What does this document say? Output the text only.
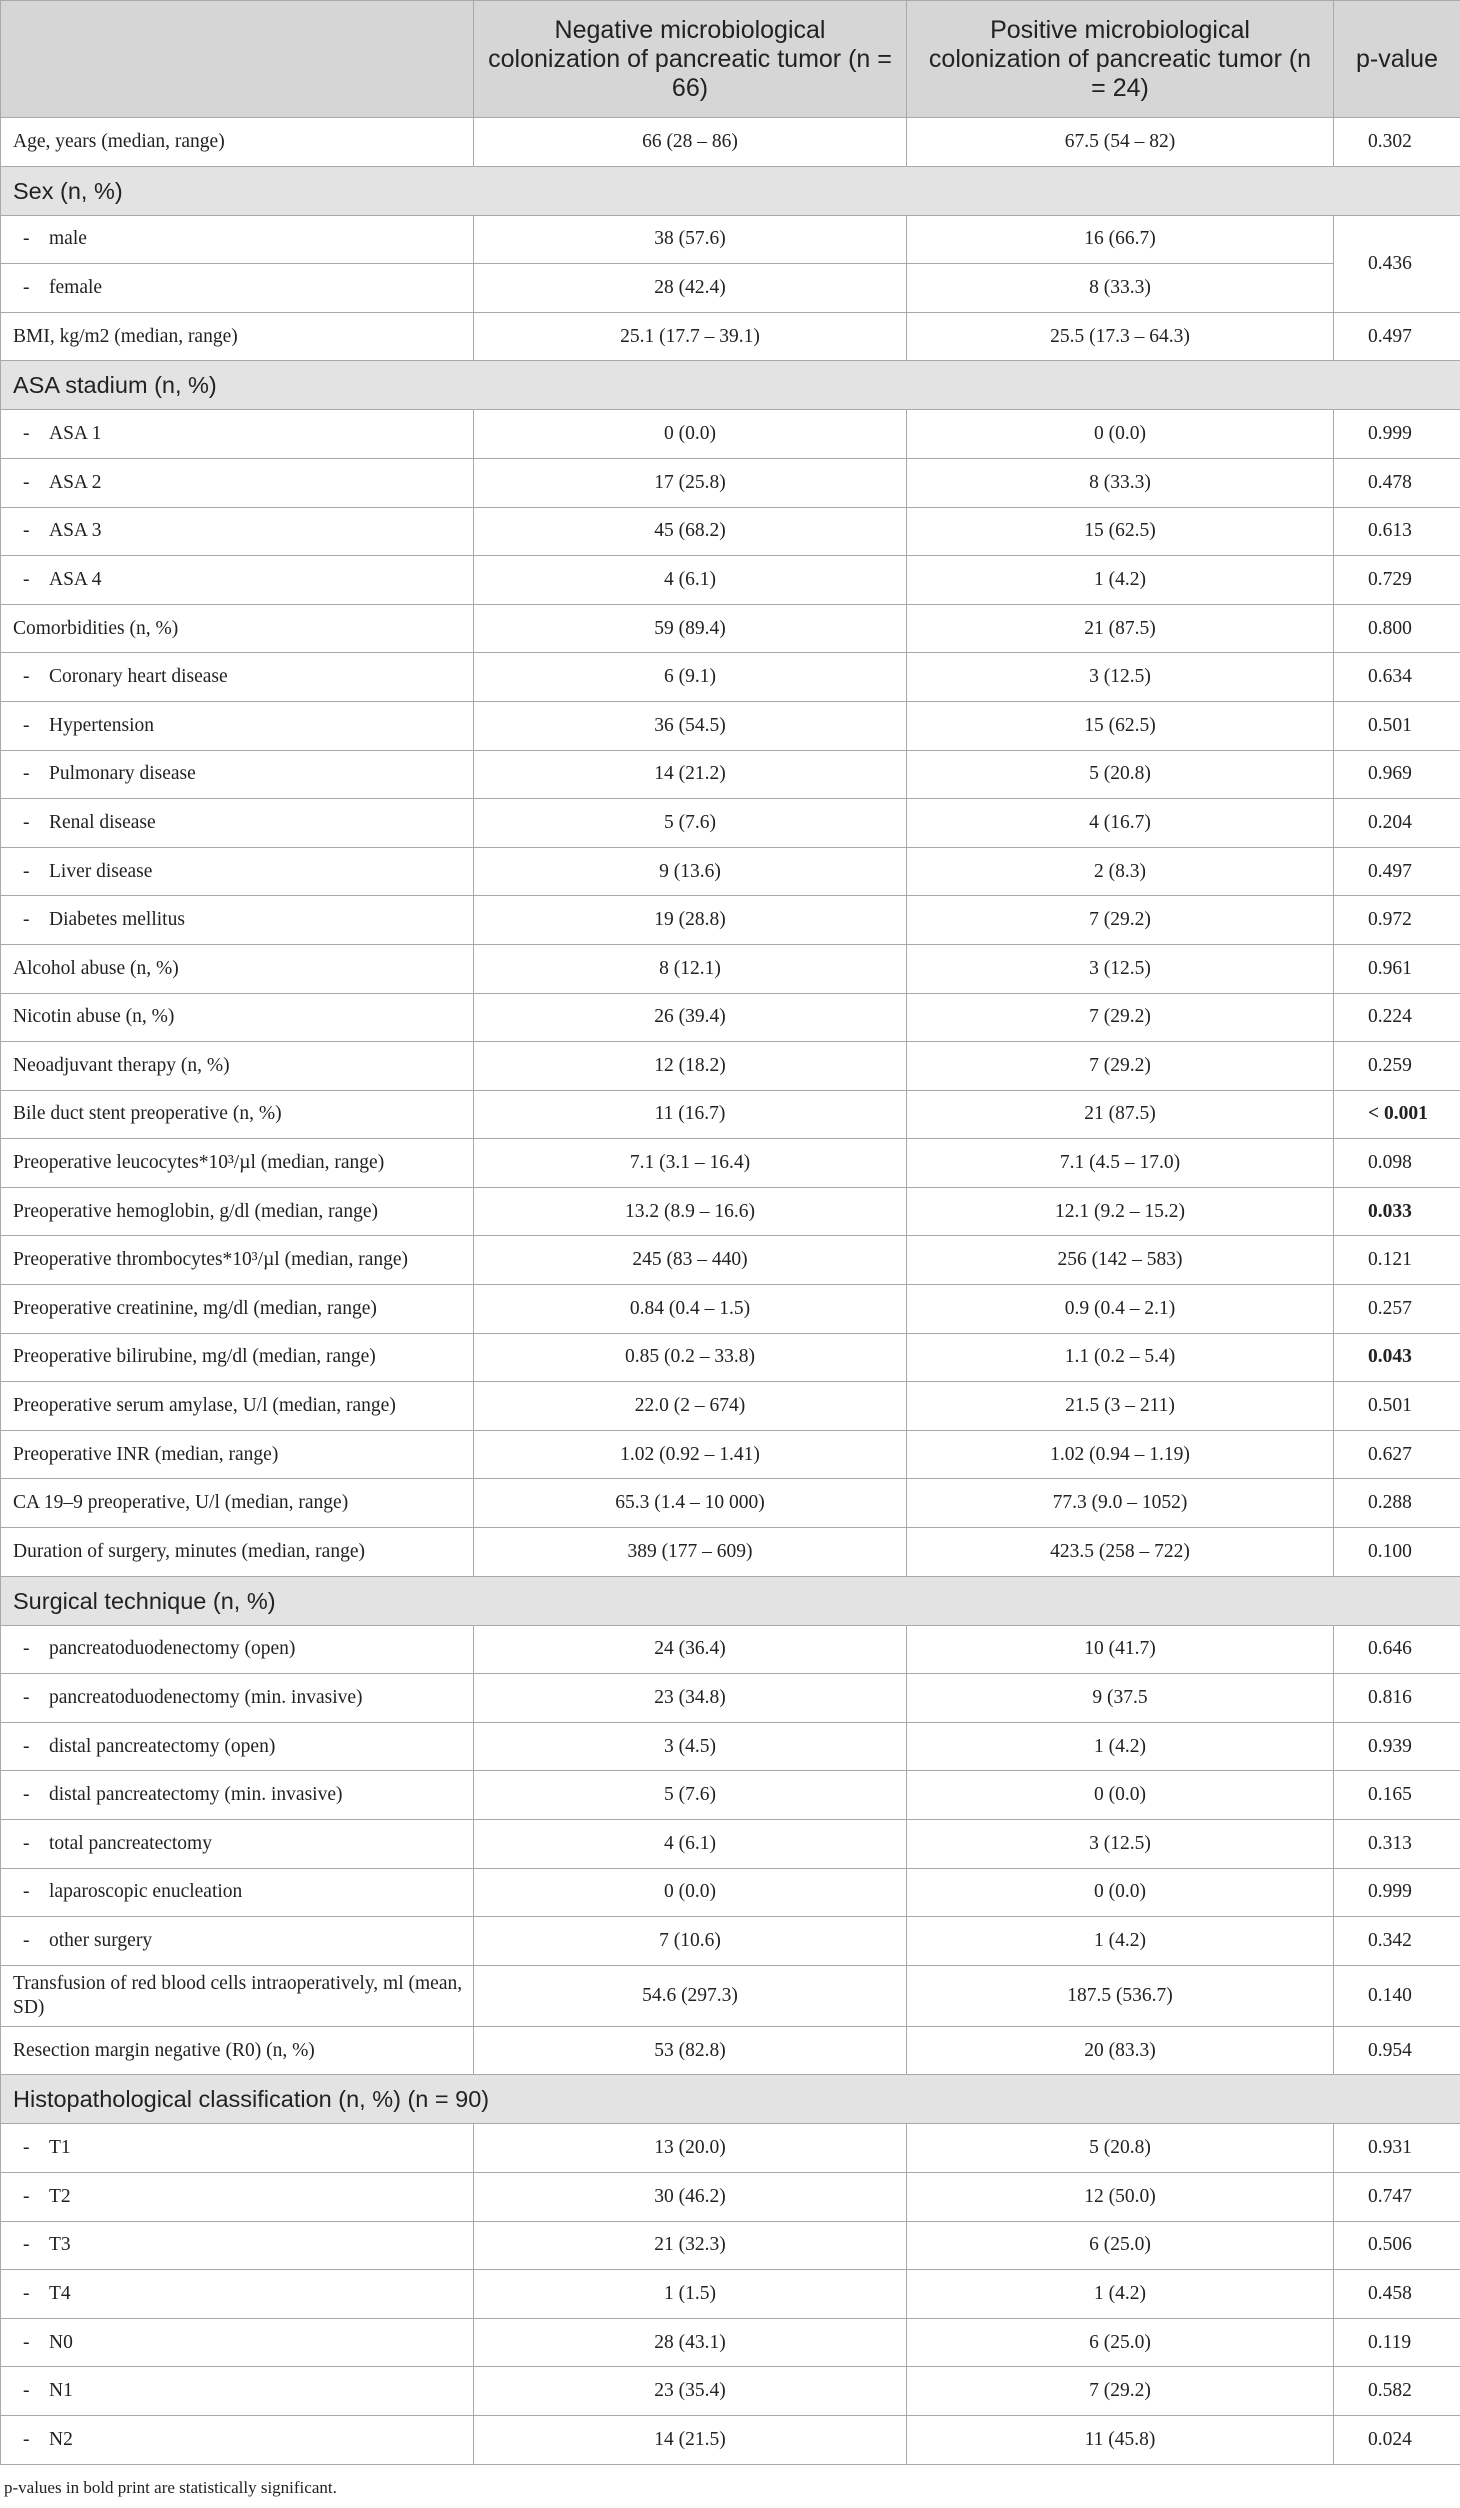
	Negative microbiological colonization of pancreatic tumor (n = 66)	Positive microbiological colonization of pancreatic tumor (n = 24)	p-value
Age, years (median, range)	66 (28 – 86)	67.5 (54 – 82)	0.302
Sex (n, %)			
- male	38 (57.6)	16 (66.7)	0.436
- female	28 (42.4)	8 (33.3)	
BMI, kg/m2 (median, range)	25.1 (17.7 – 39.1)	25.5 (17.3 – 64.3)	0.497
ASA stadium (n, %)			
- ASA 1	0 (0.0)	0 (0.0)	0.999
- ASA 2	17 (25.8)	8 (33.3)	0.478
- ASA 3	45 (68.2)	15 (62.5)	0.613
- ASA 4	4 (6.1)	1 (4.2)	0.729
Comorbidities (n, %)	59 (89.4)	21 (87.5)	0.800
- Coronary heart disease	6 (9.1)	3 (12.5)	0.634
- Hypertension	36 (54.5)	15 (62.5)	0.501
- Pulmonary disease	14 (21.2)	5 (20.8)	0.969
- Renal disease	5 (7.6)	4 (16.7)	0.204
- Liver disease	9 (13.6)	2 (8.3)	0.497
- Diabetes mellitus	19 (28.8)	7 (29.2)	0.972
Alcohol abuse (n, %)	8 (12.1)	3 (12.5)	0.961
Nicotin abuse (n, %)	26 (39.4)	7 (29.2)	0.224
Neoadjuvant therapy (n, %)	12 (18.2)	7 (29.2)	0.259
Bile duct stent preoperative (n, %)	11 (16.7)	21 (87.5)	< 0.001
Preoperative leucocytes*10³/µl (median, range)	7.1 (3.1 – 16.4)	7.1 (4.5 – 17.0)	0.098
Preoperative hemoglobin, g/dl (median, range)	13.2 (8.9 – 16.6)	12.1 (9.2 – 15.2)	0.033
Preoperative thrombocytes*10³/µl (median, range)	245 (83 – 440)	256 (142 – 583)	0.121
Preoperative creatinine, mg/dl (median, range)	0.84 (0.4 – 1.5)	0.9 (0.4 – 2.1)	0.257
Preoperative bilirubine, mg/dl (median, range)	0.85 (0.2 – 33.8)	1.1 (0.2 – 5.4)	0.043
Preoperative serum amylase, U/l (median, range)	22.0 (2 – 674)	21.5 (3 – 211)	0.501
Preoperative INR (median, range)	1.02 (0.92 – 1.41)	1.02 (0.94 – 1.19)	0.627
CA 19–9 preoperative, U/l (median, range)	65.3 (1.4 – 10 000)	77.3 (9.0 – 1052)	0.288
Duration of surgery, minutes (median, range)	389 (177 – 609)	423.5 (258 – 722)	0.100
Surgical technique (n, %)			
- pancreatoduodenectomy (open)	24 (36.4)	10 (41.7)	0.646
- pancreatoduodenectomy (min. invasive)	23 (34.8)	9 (37.5	0.816
- distal pancreatectomy (open)	3 (4.5)	1 (4.2)	0.939
- distal pancreatectomy (min. invasive)	5 (7.6)	0 (0.0)	0.165
- total pancreatectomy	4 (6.1)	3 (12.5)	0.313
- laparoscopic enucleation	0 (0.0)	0 (0.0)	0.999
- other surgery	7 (10.6)	1 (4.2)	0.342
Transfusion of red blood cells intraoperatively, ml (mean, SD)	54.6 (297.3)	187.5 (536.7)	0.140
Resection margin negative (R0) (n, %)	53 (82.8)	20 (83.3)	0.954
Histopathological classification (n, %) (n = 90)			
- T1	13 (20.0)	5 (20.8)	0.931
- T2	30 (46.2)	12 (50.0)	0.747
- T3	21 (32.3)	6 (25.0)	0.506
- T4	1 (1.5)	1 (4.2)	0.458
- N0	28 (43.1)	6 (25.0)	0.119
- N1	23 (35.4)	7 (29.2)	0.582
- N2	14 (21.5)	11 (45.8)	0.024
p-values in bold print are statistically significant.
